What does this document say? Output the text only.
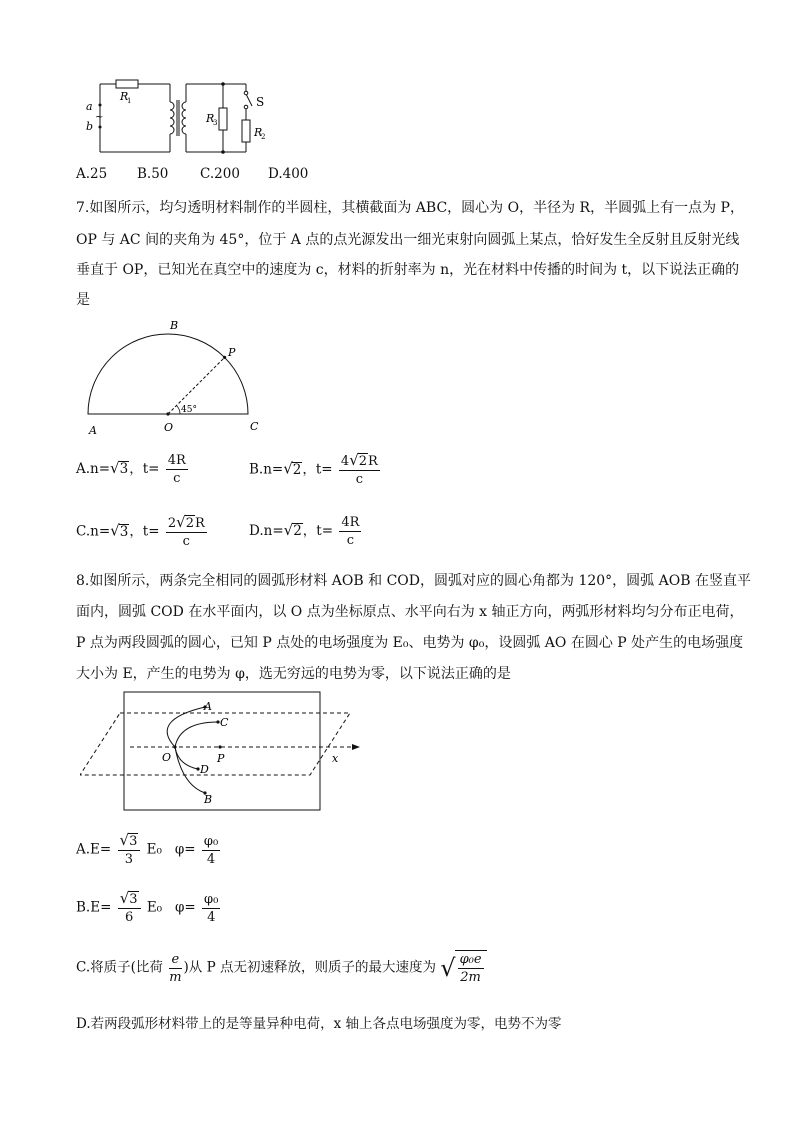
a
b
~
R
1
R
3
R
2
S
A.25 B.50 C.200 D.400
7.如图所示，均匀透明材料制作的半圆柱，其横截面为 ABC，圆心为 O，半径为 R，半圆弧上有一点为 P，
OP 与 AC 间的夹角为 45°，位于 A 点的点光源发出一细光束射向圆弧上某点，恰好发生全反射且反射光线
垂直于 OP，已知光在真空中的速度为 c，材料的折射率为 n，光在材料中传播的时间为 t，以下说法正确的
是
A
B
C
O
P
45°
A.n=√3，$t= \frac{4R}{c}$	B.n=√2，$t= \frac{4√2R}{c}$
C.n=√3，$t= \frac{2√2R}{c}$	D.n=√2，$t= \frac{4R}{c}$
8.如图所示，两条完全相同的圆弧形材料 AOB 和 COD，圆弧对应的圆心角都为 120°，圆弧 AOB 在竖直平
面内，圆弧 COD 在水平面内，以 O 点为坐标原点、水平向右为 x 轴正方向，两弧形材料均匀分布正电荷，
P 点为两段圆弧的圆心，已知 P 点处的电场强度为 E₀、电势为 φ₀，设圆弧 AO 在圆心 P 处产生的电场强度
大小为 E，产生的电势为 φ，选无穷远的电势为零，以下说法正确的是
A
C
O	P
D
B
x
$A.E= \frac{√3}{3} E_0$ $\varphi= \frac{\text{φ₀}}{4}$
$B.E= \frac{√3}{6} E_0$ $\varphi= \frac{\text{φ₀}}{4}$
C.将质子(比荷 $\frac{e}{m}$ )从 P 点无初速释放，则质子的最大速度为 √ $\frac{\text{φ₀e}}{2m}$
D.若两段弧形材料带上的是等量异种电荷，x 轴上各点电场强度为零，电势不为零
